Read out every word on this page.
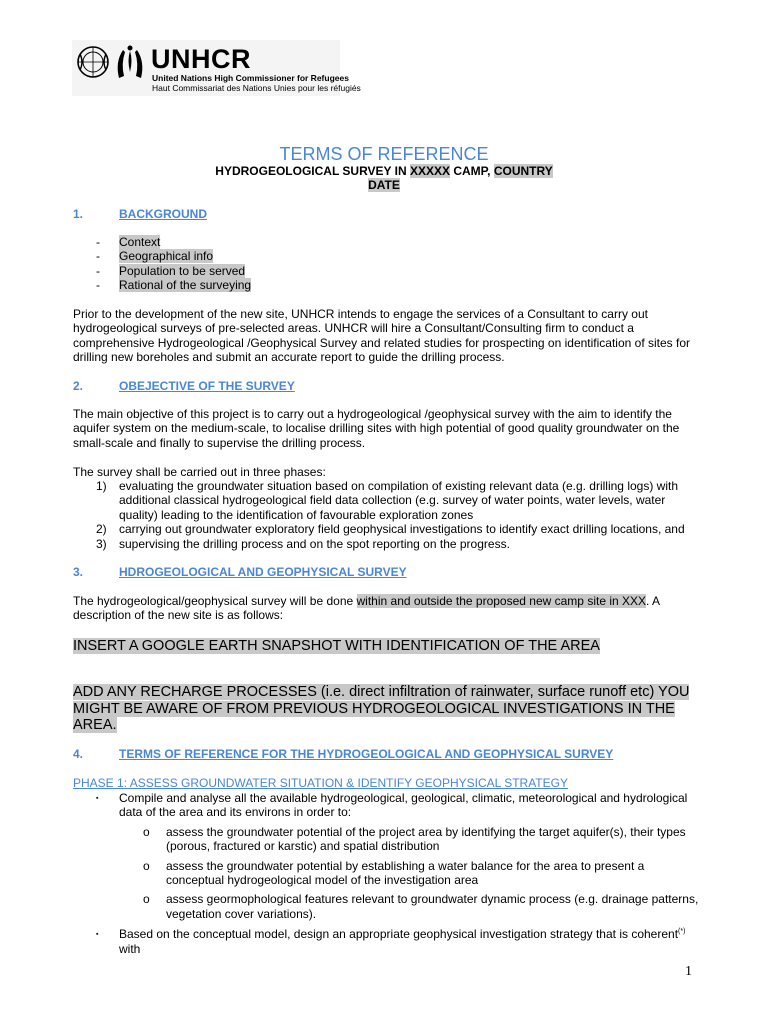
UNHCR
United Nations High Commissioner for Refugees
Haut Commissariat des Nations Unies pour les réfugiés
TERMS OF REFERENCE
HYDROGEOLOGICAL SURVEY IN XXXXX CAMP, COUNTRY
DATE
1.	BACKGROUND
- Context
- Geographical info
- Population to be served
- Rational of the surveying

Prior to the development of the new site, UNHCR intends to engage the services of a Consultant to carry out hydrogeological surveys of pre-selected areas. UNHCR will hire a Consultant/Consulting firm to conduct a comprehensive Hydrogeological /Geophysical Survey and related studies for prospecting on identification of sites for drilling new boreholes and submit an accurate report to guide the drilling process.

2.	OBEJECTIVE OF THE SURVEY

The main objective of this project is to carry out a hydrogeological /geophysical survey with the aim to identify the aquifer system on the medium-scale, to localise drilling sites with high potential of good quality groundwater on the small-scale and finally to supervise the drilling process.

The survey shall be carried out in three phases:

1)	evaluating the groundwater situation based on compilation of existing relevant data (e.g. drilling logs) with additional classical hydrogeological field data collection (e.g. survey of water points, water levels, water quality) leading to the identification of favourable exploration zones
2)	carrying out groundwater exploratory field geophysical investigations to identify exact drilling locations, and
3)	supervising the drilling process and on the spot reporting on the progress.
3.	HDROGEOLOGICAL AND GEOPHYSICAL SURVEY

The hydrogeological/geophysical survey will be done within and outside the proposed new camp site in XXX. A description of the new site is as follows:

INSERT A GOOGLE EARTH SNAPSHOT WITH IDENTIFICATION OF THE AREA

ADD ANY RECHARGE PROCESSES (i.e. direct infiltration of rainwater, surface runoff etc) YOU MIGHT BE AWARE OF FROM PREVIOUS HYDROGEOLOGICAL INVESTIGATIONS IN THE AREA.

4.	TERMS OF REFERENCE FOR THE HYDROGEOLOGICAL AND GEOPHYSICAL SURVEY
PHASE 1: ASSESS GROUNDWATER SITUATION & IDENTIFY GEOPHYSICAL STRATEGY
▪	Compile and analyse all the available hydrogeological, geological, climatic, meteorological and hydrological data of the area and its environs in order to:
o	assess the groundwater potential of the project area by identifying the target aquifer(s), their types (porous, fractured or karstic) and spatial distribution
o	assess the groundwater potential by establishing a water balance for the area to present a conceptual hydrogeological model of the investigation area
o	assess geormophological features relevant to groundwater dynamic process (e.g. drainage patterns, vegetation cover variations).
▪	Based on the conceptual model, design an appropriate geophysical investigation strategy that is coherent(*) with
1
